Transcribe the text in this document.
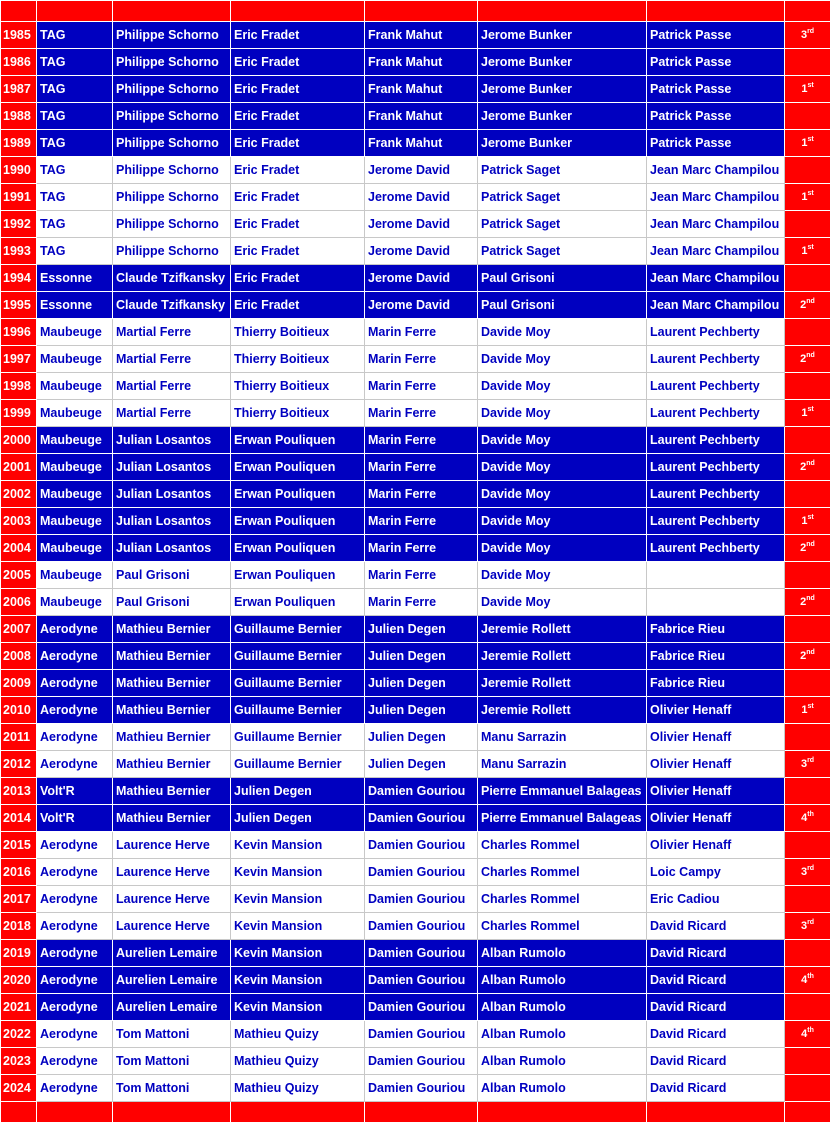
1985	TAG	Philippe Schorno	Eric Fradet	Frank Mahut	Jerome Bunker	Patrick Passe	3rd
1986	TAG	Philippe Schorno	Eric Fradet	Frank Mahut	Jerome Bunker	Patrick Passe	
1987	TAG	Philippe Schorno	Eric Fradet	Frank Mahut	Jerome Bunker	Patrick Passe	1st
1988	TAG	Philippe Schorno	Eric Fradet	Frank Mahut	Jerome Bunker	Patrick Passe	
1989	TAG	Philippe Schorno	Eric Fradet	Frank Mahut	Jerome Bunker	Patrick Passe	1st
1990	TAG	Philippe Schorno	Eric Fradet	Jerome David	Patrick Saget	Jean Marc Champilou	
1991	TAG	Philippe Schorno	Eric Fradet	Jerome David	Patrick Saget	Jean Marc Champilou	1st
1992	TAG	Philippe Schorno	Eric Fradet	Jerome David	Patrick Saget	Jean Marc Champilou	
1993	TAG	Philippe Schorno	Eric Fradet	Jerome David	Patrick Saget	Jean Marc Champilou	1st
1994	Essonne	Claude Tzifkansky	Eric Fradet	Jerome David	Paul Grisoni	Jean Marc Champilou	
1995	Essonne	Claude Tzifkansky	Eric Fradet	Jerome David	Paul Grisoni	Jean Marc Champilou	2nd
1996	Maubeuge	Martial Ferre	Thierry Boitieux	Marin Ferre	Davide Moy	Laurent Pechberty	
1997	Maubeuge	Martial Ferre	Thierry Boitieux	Marin Ferre	Davide Moy	Laurent Pechberty	2nd
1998	Maubeuge	Martial Ferre	Thierry Boitieux	Marin Ferre	Davide Moy	Laurent Pechberty	
1999	Maubeuge	Martial Ferre	Thierry Boitieux	Marin Ferre	Davide Moy	Laurent Pechberty	1st
2000	Maubeuge	Julian Losantos	Erwan Pouliquen	Marin Ferre	Davide Moy	Laurent Pechberty	
2001	Maubeuge	Julian Losantos	Erwan Pouliquen	Marin Ferre	Davide Moy	Laurent Pechberty	2nd
2002	Maubeuge	Julian Losantos	Erwan Pouliquen	Marin Ferre	Davide Moy	Laurent Pechberty	
2003	Maubeuge	Julian Losantos	Erwan Pouliquen	Marin Ferre	Davide Moy	Laurent Pechberty	1st
2004	Maubeuge	Julian Losantos	Erwan Pouliquen	Marin Ferre	Davide Moy	Laurent Pechberty	2nd
2005	Maubeuge	Paul Grisoni	Erwan Pouliquen	Marin Ferre	Davide Moy		
2006	Maubeuge	Paul Grisoni	Erwan Pouliquen	Marin Ferre	Davide Moy		2nd
2007	Aerodyne	Mathieu Bernier	Guillaume Bernier	Julien Degen	Jeremie Rollett	Fabrice Rieu	
2008	Aerodyne	Mathieu Bernier	Guillaume Bernier	Julien Degen	Jeremie Rollett	Fabrice Rieu	2nd
2009	Aerodyne	Mathieu Bernier	Guillaume Bernier	Julien Degen	Jeremie Rollett	Fabrice Rieu	
2010	Aerodyne	Mathieu Bernier	Guillaume Bernier	Julien Degen	Jeremie Rollett	Olivier Henaff	1st
2011	Aerodyne	Mathieu Bernier	Guillaume Bernier	Julien Degen	Manu Sarrazin	Olivier Henaff	
2012	Aerodyne	Mathieu Bernier	Guillaume Bernier	Julien Degen	Manu Sarrazin	Olivier Henaff	3rd
2013	Volt'R	Mathieu Bernier	Julien Degen	Damien Gouriou	Pierre Emmanuel Balageas	Olivier Henaff	
2014	Volt'R	Mathieu Bernier	Julien Degen	Damien Gouriou	Pierre Emmanuel Balageas	Olivier Henaff	4th
2015	Aerodyne	Laurence Herve	Kevin Mansion	Damien Gouriou	Charles Rommel	Olivier Henaff	
2016	Aerodyne	Laurence Herve	Kevin Mansion	Damien Gouriou	Charles Rommel	Loic Campy	3rd
2017	Aerodyne	Laurence Herve	Kevin Mansion	Damien Gouriou	Charles Rommel	Eric Cadiou	
2018	Aerodyne	Laurence Herve	Kevin Mansion	Damien Gouriou	Charles Rommel	David Ricard	3rd
2019	Aerodyne	Aurelien Lemaire	Kevin Mansion	Damien Gouriou	Alban Rumolo	David Ricard	
2020	Aerodyne	Aurelien Lemaire	Kevin Mansion	Damien Gouriou	Alban Rumolo	David Ricard	4th
2021	Aerodyne	Aurelien Lemaire	Kevin Mansion	Damien Gouriou	Alban Rumolo	David Ricard	
2022	Aerodyne	Tom Mattoni	Mathieu Quizy	Damien Gouriou	Alban Rumolo	David Ricard	4th
2023	Aerodyne	Tom Mattoni	Mathieu Quizy	Damien Gouriou	Alban Rumolo	David Ricard	
2024	Aerodyne	Tom Mattoni	Mathieu Quizy	Damien Gouriou	Alban Rumolo	David Ricard	
